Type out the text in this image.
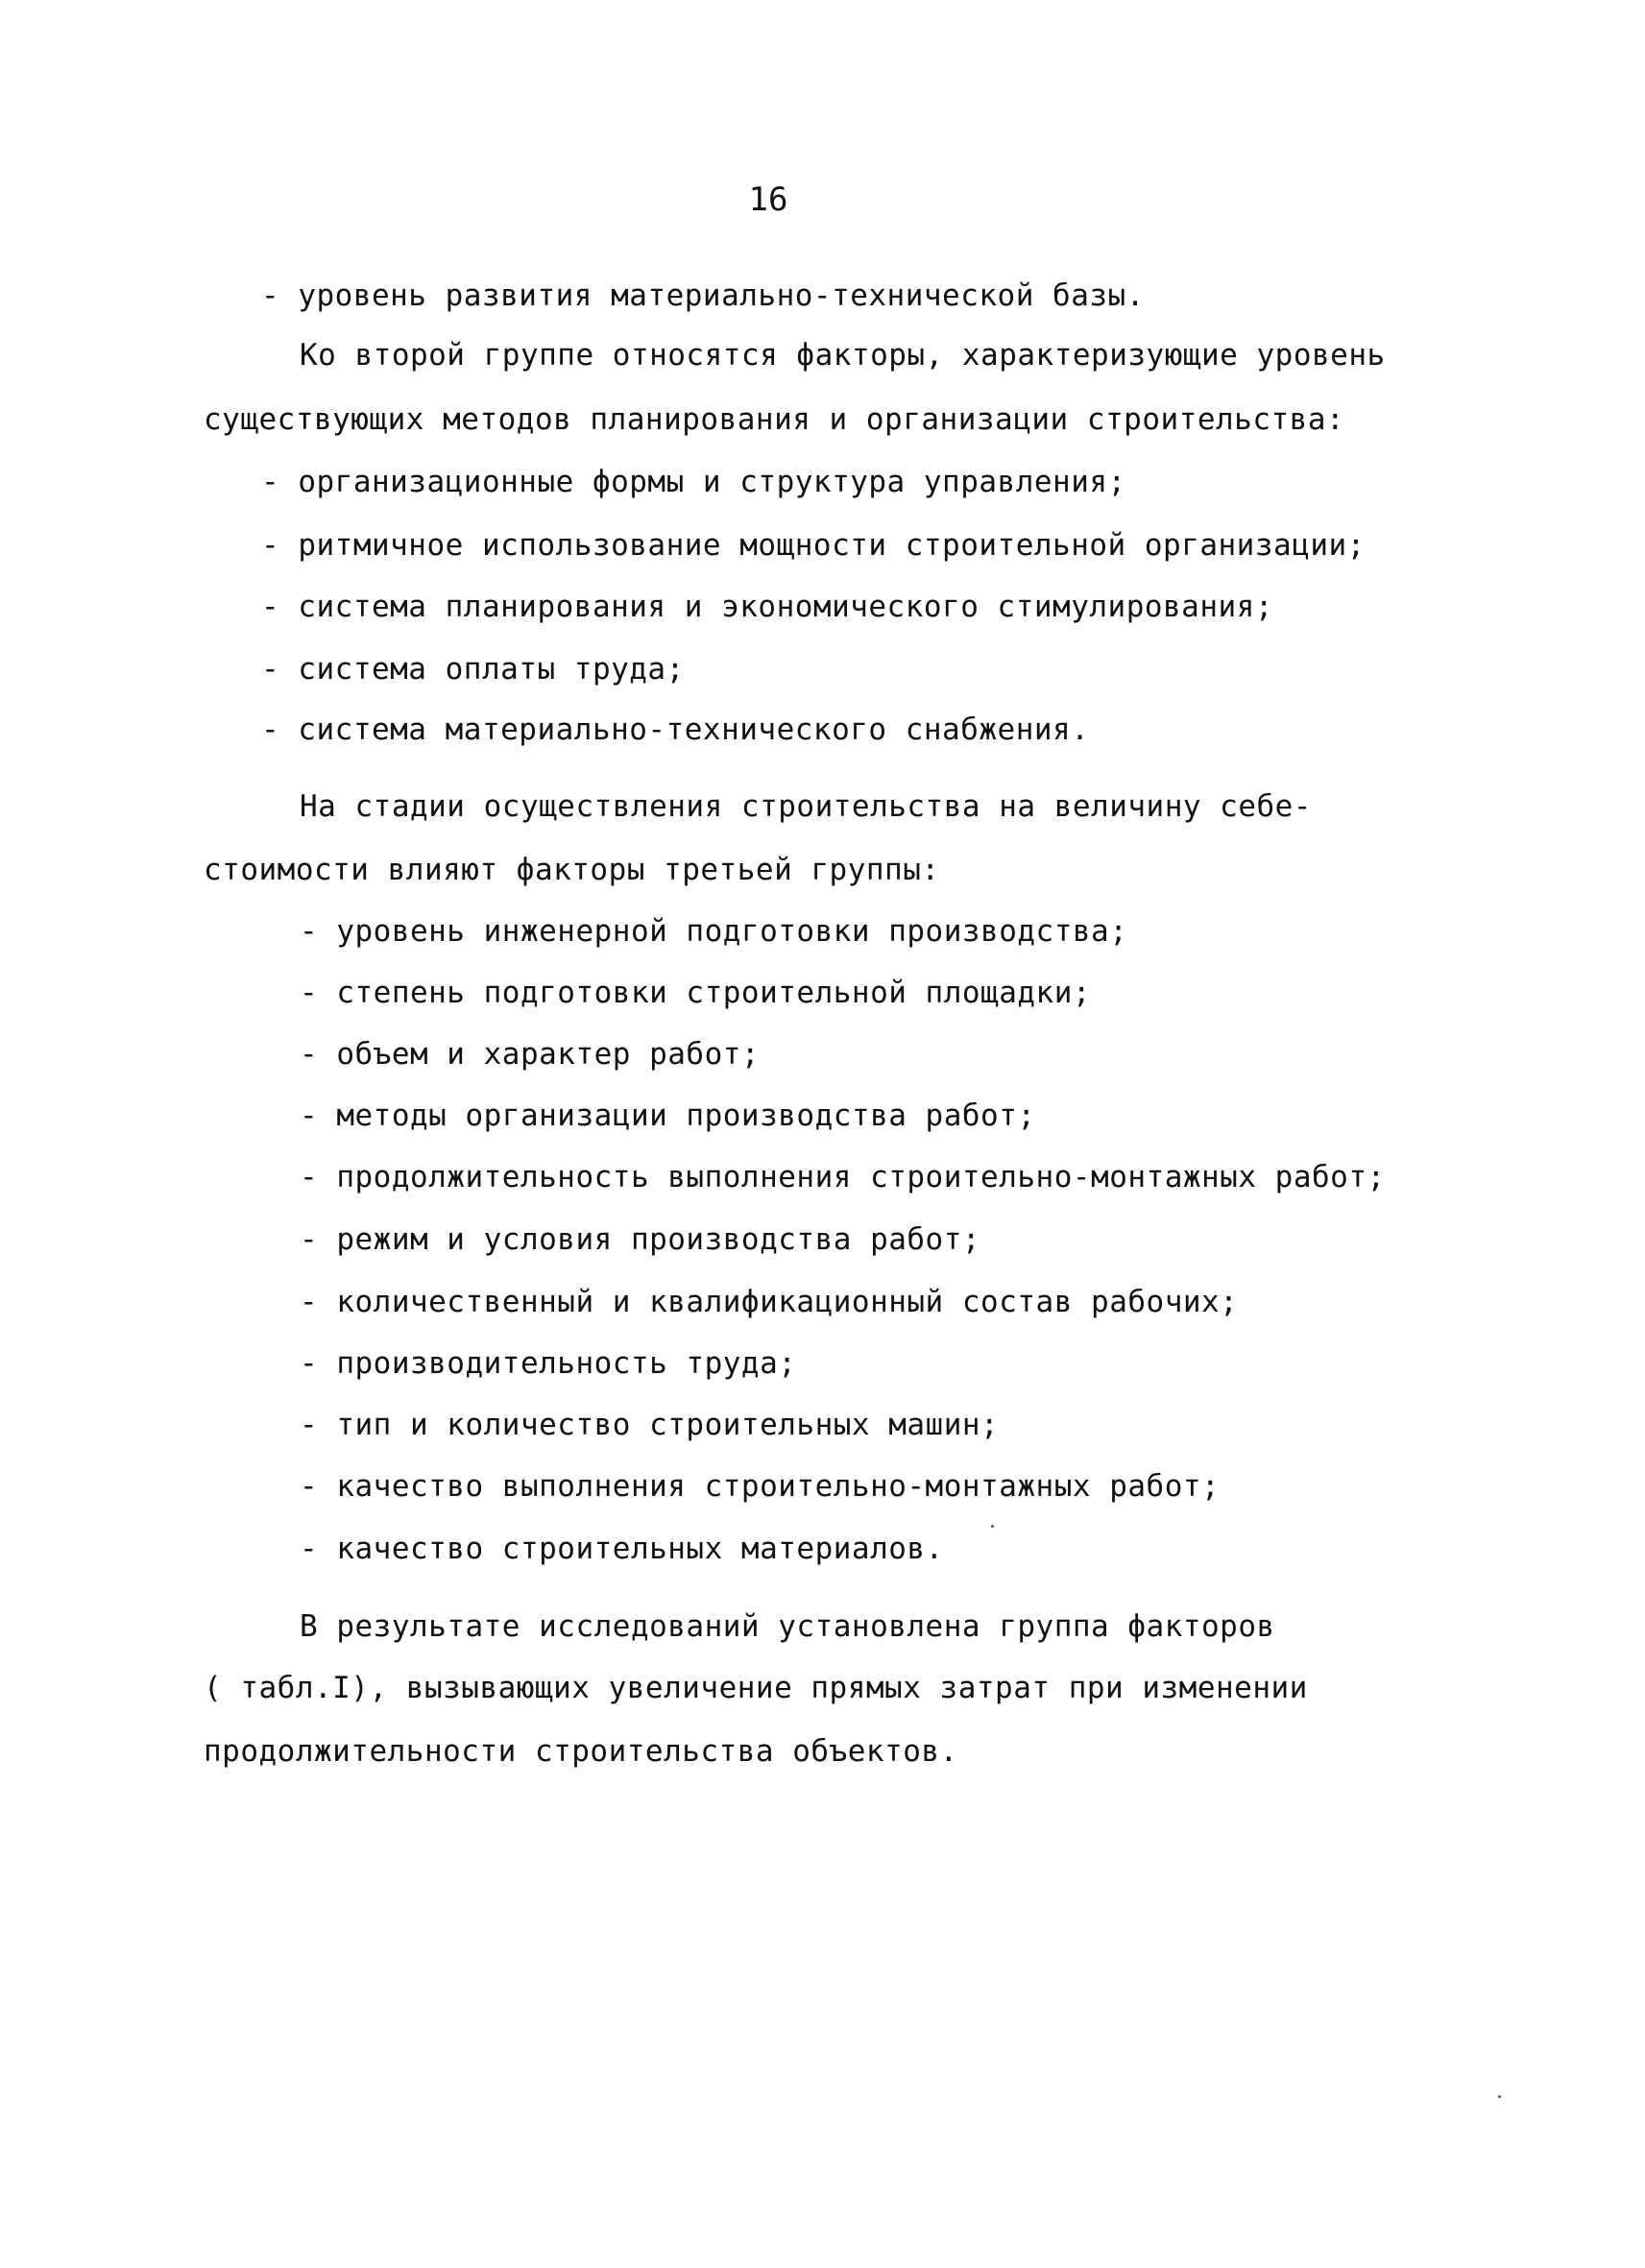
16
- уровень развития материально-технической базы.
Ко второй группе относятся факторы, характеризующие уровень
существующих методов планирования и организации строительства:
- организационные формы и структура управления;
- ритмичное использование мощности строительной организации;
- система планирования и экономического стимулирования;
- система оплаты труда;
- система материально-технического снабжения.
На стадии осуществления строительства на величину себе-
стоимости влияют факторы третьей группы:
- уровень инженерной подготовки производства;
- степень подготовки строительной площадки;
- объем и характер работ;
- методы организации производства работ;
- продолжительность выполнения строительно-монтажных работ;
- режим и условия производства работ;
- количественный и квалификационный состав рабочих;
- производительность труда;
- тип и количество строительных машин;
- качество выполнения строительно-монтажных работ;
- качество строительных материалов.
В результате исследований установлена группа факторов
( табл.I), вызывающих увеличение прямых затрат при изменении
продолжительности строительства объектов.
